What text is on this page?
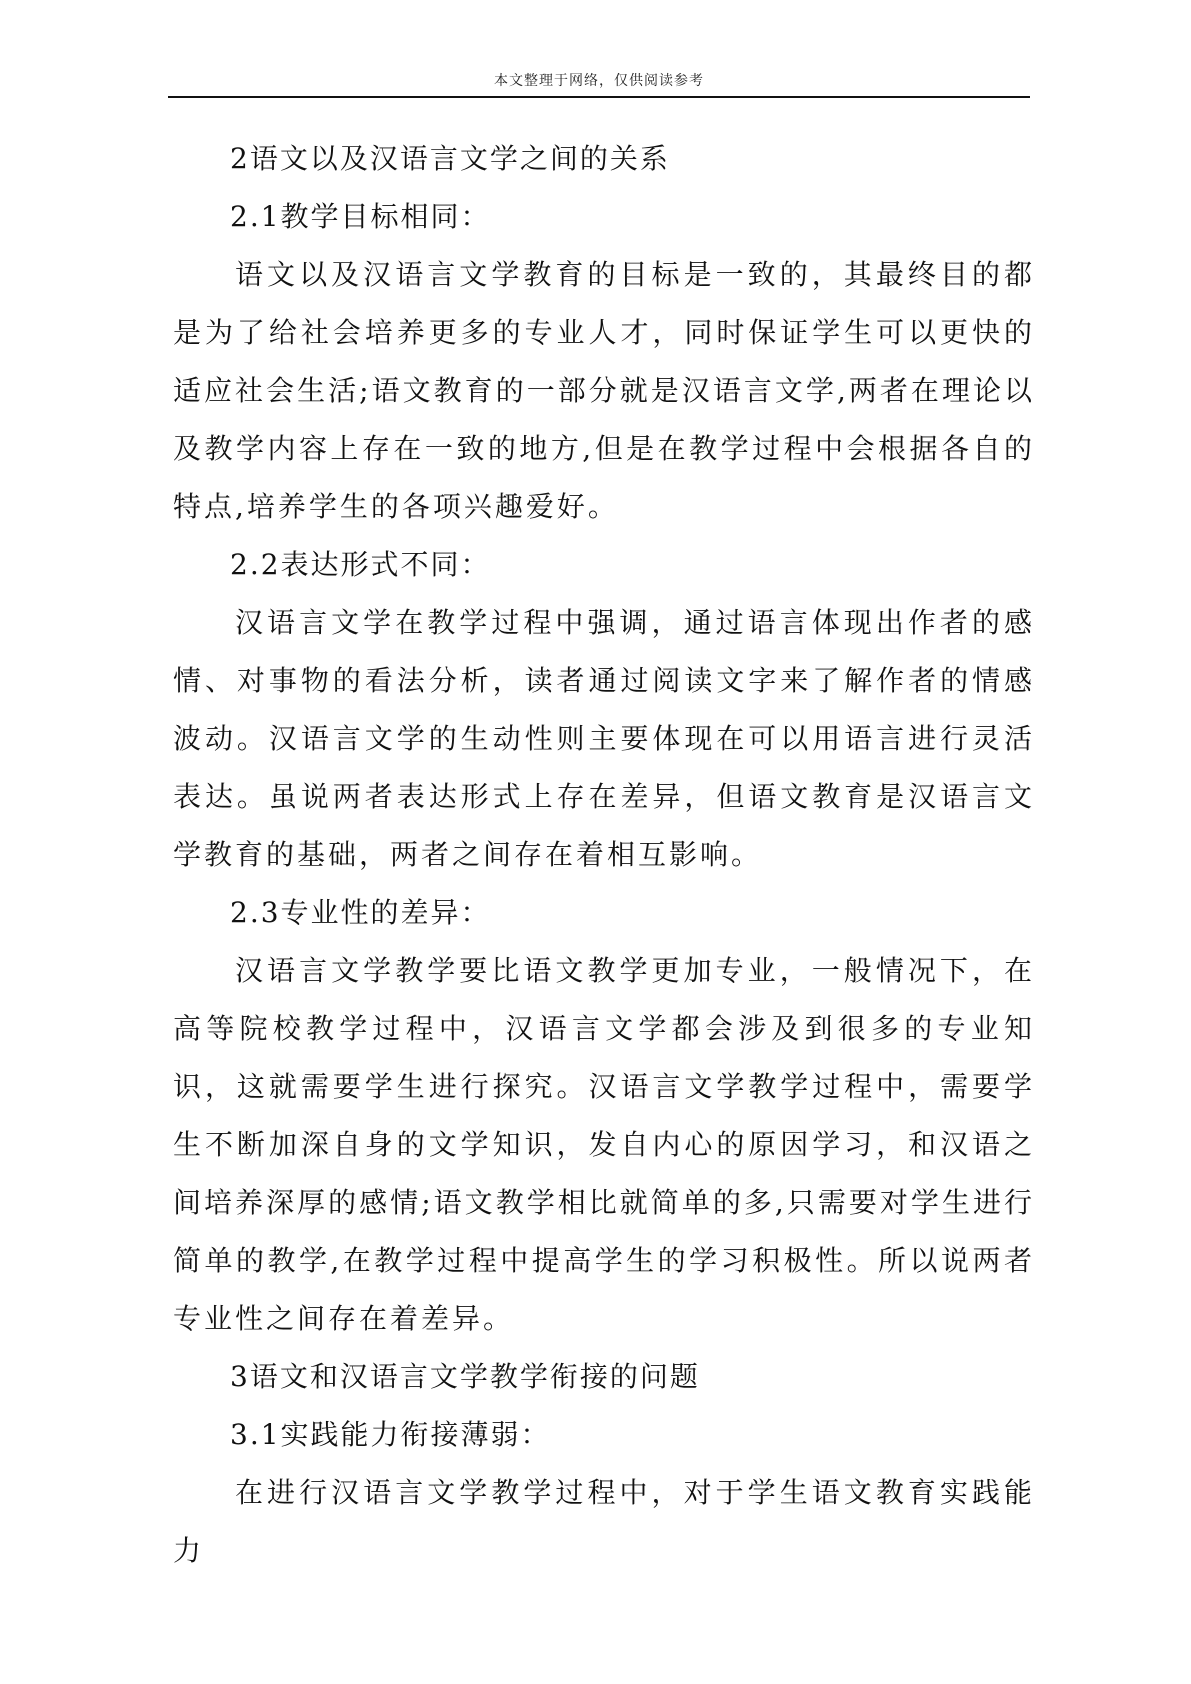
本文整理于网络，仅供阅读参考

2语文以及汉语言文学之间的关系

2.1教学目标相同：

语文以及汉语言文学教育的目标是一致的，其最终目的都是为了给社会培养更多的专业人才，同时保证学生可以更快的适应社会生活;语文教育的一部分就是汉语言文学,两者在理论以及教学内容上存在一致的地方,但是在教学过程中会根据各自的特点,培养学生的各项兴趣爱好。

2.2表达形式不同：

汉语言文学在教学过程中强调，通过语言体现出作者的感情、对事物的看法分析，读者通过阅读文字来了解作者的情感波动。汉语言文学的生动性则主要体现在可以用语言进行灵活表达。虽说两者表达形式上存在差异，但语文教育是汉语言文学教育的基础，两者之间存在着相互影响。

2.3专业性的差异：

汉语言文学教学要比语文教学更加专业，一般情况下，在高等院校教学过程中，汉语言文学都会涉及到很多的专业知识，这就需要学生进行探究。汉语言文学教学过程中，需要学生不断加深自身的文学知识，发自内心的原因学习，和汉语之间培养深厚的感情;语文教学相比就简单的多,只需要对学生进行简单的教学,在教学过程中提高学生的学习积极性。所以说两者专业性之间存在着差异。

3语文和汉语言文学教学衔接的问题

3.1实践能力衔接薄弱：

在进行汉语言文学教学过程中，对于学生语文教育实践能力
